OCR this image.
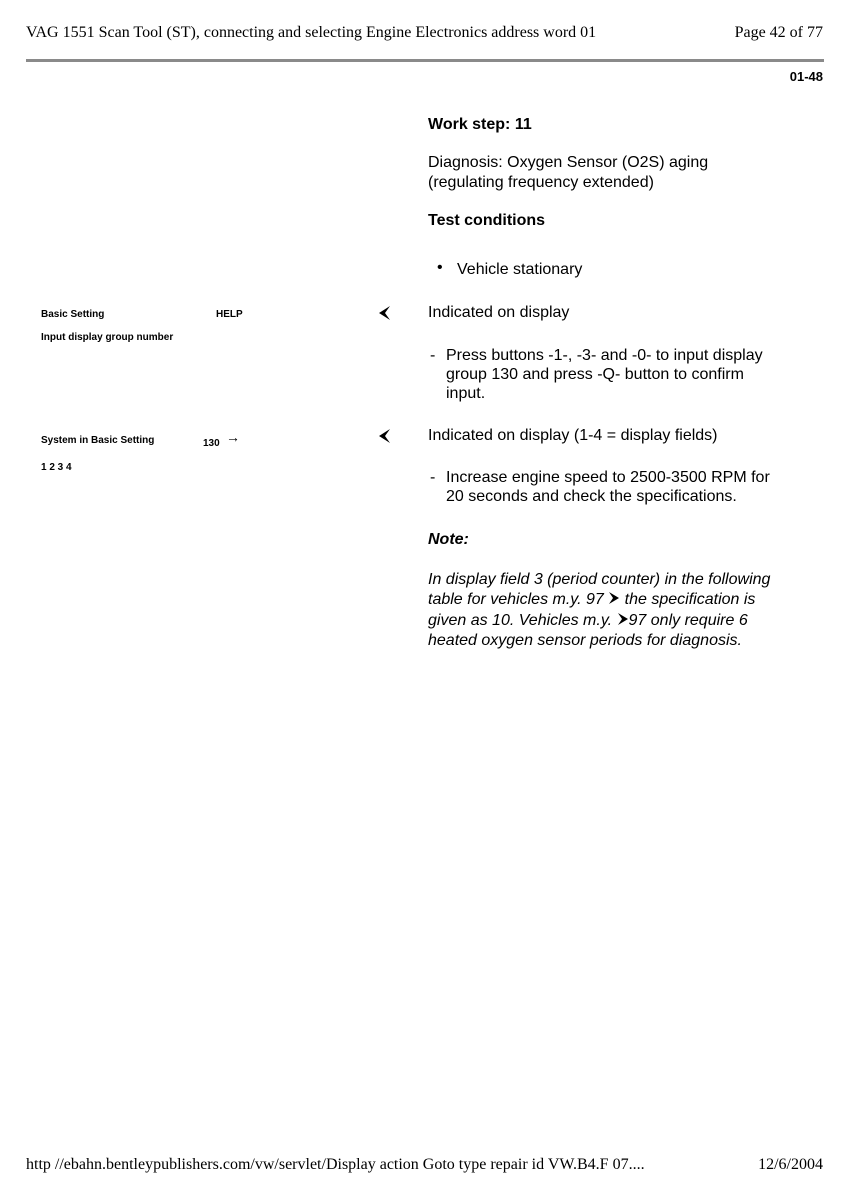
VAG 1551 Scan Tool (ST), connecting and selecting Engine Electronics address word 01	Page 42 of 77
01-48
Basic Setting	HELP
Input display group number
System in Basic Setting	130 →
1 2 3 4
Work step: 11
Diagnosis: Oxygen Sensor (O2S) aging
(regulating frequency extended)
Test conditions
• Vehicle stationary
Indicated on display
- Press buttons -1-, -3- and -0- to input display
group 130 and press -Q- button to confirm
input.
Indicated on display (1-4 = display fields)
- Increase engine speed to 2500-3500 RPM for
20 seconds and check the specifications.
Note:
In display field 3 (period counter) in the following
table for vehicles m.y. 97  the specification is
given as 10. Vehicles m.y. 97 only require 6
heated oxygen sensor periods for diagnosis.
http //ebahn.bentleypublishers.com/vw/servlet/Display action Goto type repair id VW.B4.F 07....	12/6/2004
